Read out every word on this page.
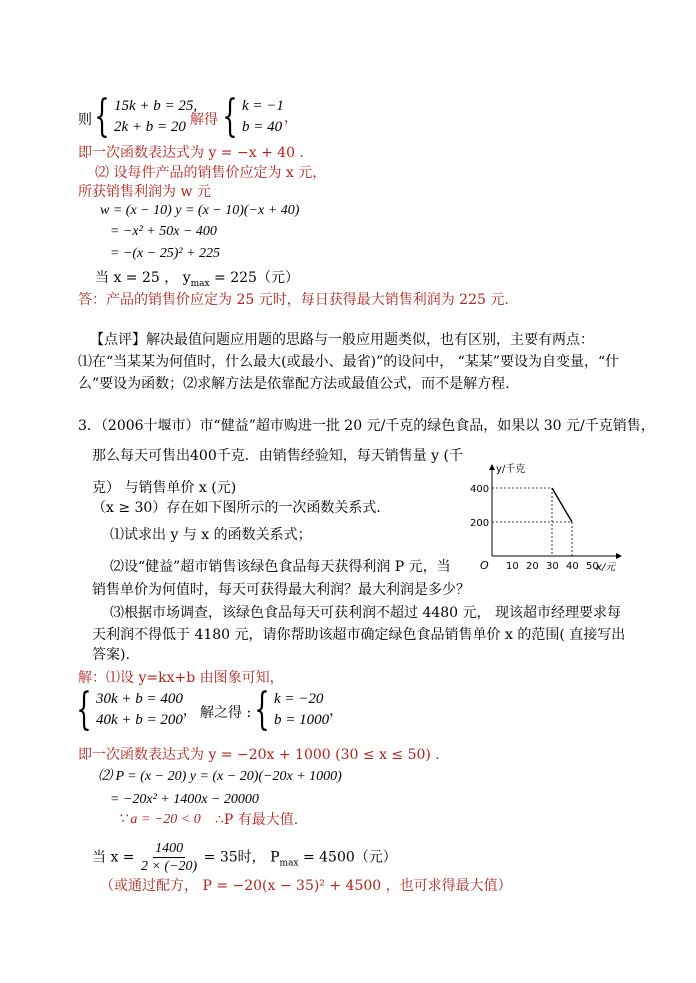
则 { 15k + b = 25,
2k + b = 20 解得 { k = −1
b = 40
，
即一次函数表达式为 y = −x + 40 .
⑵ 设每件产品的销售价应定为 x 元，
所获销售利润为 w 元
w = (x − 10) y = (x − 10)(−x + 40)
= −x² + 50x − 400
= −(x − 25)² + 225
当 x = 25 ， $y_{max} = 225$（元）
答：产品的销售价应定为 25 元时，每日获得最大销售利润为 225 元.
【点评】解决最值问题应用题的思路与一般应用题类似，也有区别，主要有两点：
⑴在“当某某为何值时，什么最大(或最小、最省)”的设问中， “某某”要设为自变量，“什
么”要设为函数；⑵求解方法是依靠配方法或最值公式，而不是解方程.
3．（2006十堰市）市“健益”超市购进一批 20 元/千克的绿色食品，如果以 30 元/千克销售，
那么每天可售出400千克．由销售经验知，每天销售量 y (千
克） 与销售单价 x (元)
（x ≥ 30）存在如下图所示的一次函数关系式．
⑴试求出 y 与 x 的函数关系式；
⑵设“健益”超市销售该绿色食品每天获得利润 P 元，当
销售单价为何值时，每天可获得最大利润？最大利润是多少？
⑶根据市场调查，该绿色食品每天可获利润不超过 4480 元， 现该超市经理要求每
天利润不得低于 4180 元，请你帮助该超市确定绿色食品销售单价 x 的范围( 直接写出
答案).
y/千克
x/元
O 10 20 30 40 50
200
400
解：⑴设 y=kx+b 由图象可知，
{ 30k + b = 400
40k + b = 200
， 解之得 : { k = −20
b = 1000
，
即一次函数表达式为 y = −20x + 1000 (30 ≤ x ≤ 50) .
⑵ P = (x − 20) y = (x − 20)(−20x + 1000)
= −20x² + 1400x − 20000
∵ a = −20 < 0 ∴P 有最大值.
当 $x = \frac{1400}{2 \times (-20)} = 35$时， $P_{max} = 4500$（元）
（或通过配方， P = −20(x − 35)² + 4500 ，也可求得最大值）
